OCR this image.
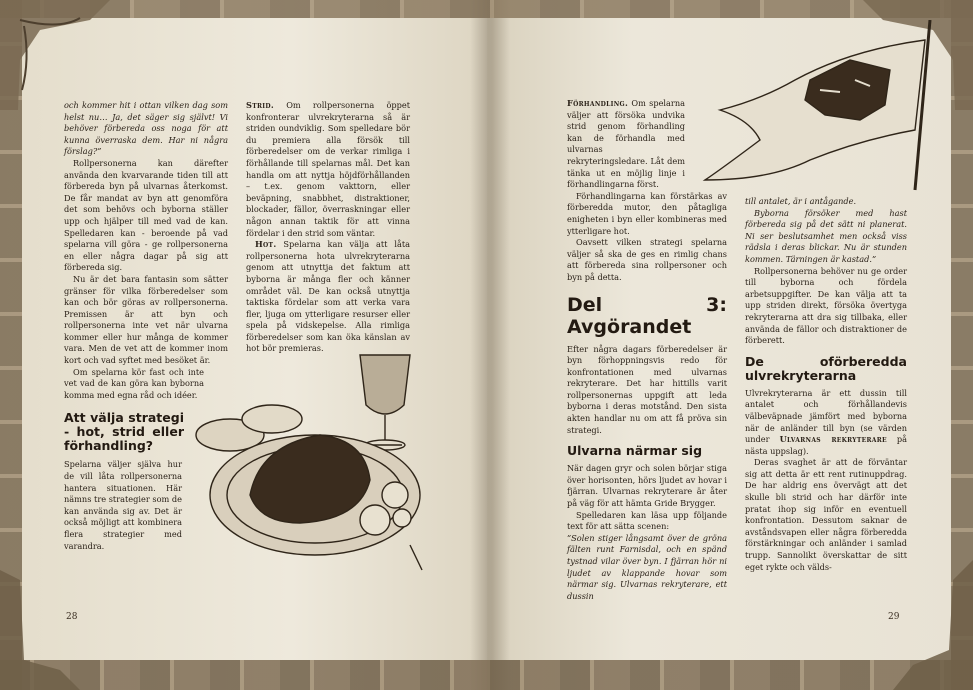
och kommer hit i ottan vilken dag som helst nu… Ja, det säger sig självt! Vi behöver förbereda oss noga för att kunna överraska dem. Har ni några förslag?”

Rollpersonerna kan därefter använda den kvarvarande tiden till att förbereda byn på ulvarnas återkomst. De får mandat av byn att genomföra det som behövs och byborna ställer upp och hjälper till med vad de kan. Spelledaren kan - beroende på vad spelarna vill göra - ge rollpersonerna en eller några dagar på sig att förbereda sig.

Nu är det bara fantasin som sätter gränser för vilka förberedelser som kan och bör göras av rollpersonerna. Premissen är att byn och rollpersonerna inte vet när ulvarna kommer eller hur många de kommer vara. Men de vet att de kommer inom kort och vad syftet med besöket är.

Om spelarna kör fast och inte vet vad de kan göra kan byborna komma med egna råd och idéer.

Att välja strategi - hot, strid eller förhandling?

Spelarna väljer själva hur de vill låta rollpersonerna hantera situationen. Här nämns tre strategier som de kan använda sig av. Det är också möjligt att kombinera flera strategier med varandra.

Strid. Om rollpersonerna öppet konfronterar ulvrekryterarna så är striden oundviklig. Som spelledare bör du premiera alla försök till förberedelser om de verkar rimliga i förhållande till spelarnas mål. Det kan handla om att nyttja höjdförhållanden – t.ex. genom vakttorn, eller beväpning, snabbhet, distraktioner, blockader, fällor, överraskningar eller någon annan taktik för att vinna fördelar i den strid som väntar.

Hot. Spelarna kan välja att låta rollpersonerna hota ulvrekryterarna genom att utnyttja det faktum att byborna är många fler och känner området väl. De kan också utnyttja taktiska fördelar som att verka vara fler, ljuga om ytterligare resurser eller spela på vidskepelse. Alla rimliga förberedelser som kan öka känslan av hot bör premieras.

Förhandling. Om spelarna väljer att försöka undvika strid genom förhandling kan de förhandla med ulvarnas rekryteringsledare. Låt dem tänka ut en möjlig linje i förhandlingarna först.

Förhandlingarna kan förstärkas av förberedda mutor, den påtagliga enigheten i byn eller kombineras med ytterligare hot.

Oavsett vilken strategi spelarna väljer så ska de ges en rimlig chans att förbereda sina rollpersoner och byn på detta.

Del 3: Avgörandet

Efter några dagars förberedelser är byn förhoppningsvis redo för konfrontationen med ulvarnas rekryterare. Det har hittills varit rollpersonernas uppgift att leda byborna i deras motstånd. Den sista akten handlar nu om att få pröva sin strategi.

Ulvarna närmar sig

När dagen gryr och solen börjar stiga över horisonten, hörs ljudet av hovar i fjärran. Ulvarnas rekryterare är åter på väg för att hämta Gride Brygger.

Spelledaren kan läsa upp följande text för att sätta scenen:

”Solen stiger långsamt över de gröna fälten runt Farnisdal, och en spänd tystnad vilar över byn. I fjärran hör ni ljudet av klappande hovar som närmar sig. Ulvarnas rekryterare, ett dussin

till antalet, är i antågande.

Byborna försöker med hast förbereda sig på det sätt ni planerat. Ni ser beslutsamhet men också viss rädsla i deras blickar. Nu är stunden kommen. Tärningen är kastad.”

Rollpersonerna behöver nu ge order till byborna och fördela arbetsuppgifter. De kan välja att ta upp striden direkt, försöka övertyga rekryterarna att dra sig tillbaka, eller använda de fällor och distraktioner de förberett.

De oförberedda ulvrekryterarna

Ulvrekryterarna är ett dussin till antalet och förhållandevis välbeväpnade jämfört med byborna när de anländer till byn (se värden under Ulvarnas rekryterare på nästa uppslag).

Deras svaghet är att de förväntar sig att detta är ett rent rutinuppdrag. De har aldrig ens övervägt att det skulle bli strid och har därför inte pratat ihop sig inför en eventuell konfrontation. Dessutom saknar de avståndsvapen eller några förberedda förstärkningar och anländer i samlad trupp. Sannolikt överskattar de sitt eget rykte och välds-

28	29
